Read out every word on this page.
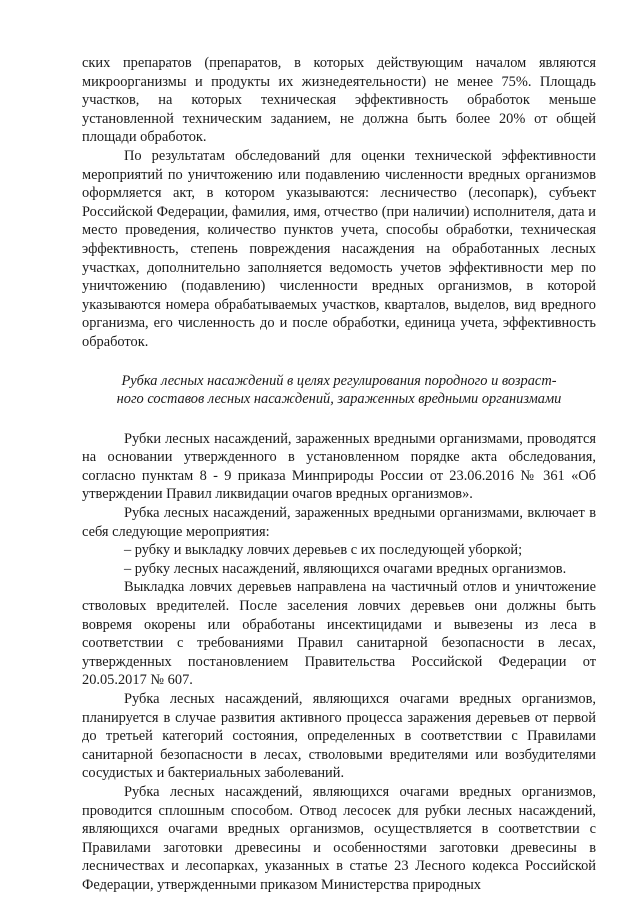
ских препаратов (препаратов, в которых действующим началом являются микроорганизмы и продукты их жизнедеятельности) не менее 75%. Площадь участков, на которых техническая эффективность обработок меньше установленной техническим заданием, не должна быть более 20% от общей площади обработок.

По результатам обследований для оценки технической эффективности мероприятий по уничтожению или подавлению численности вредных организмов оформляется акт, в котором указываются: лесничество (лесопарк), субъект Российской Федерации, фамилия, имя, отчество (при наличии) исполнителя, дата и место проведения, количество пунктов учета, способы обработки, техническая эффективность, степень повреждения насаждения на обработанных лесных участках, дополнительно заполняется ведомость учетов эффективности мер по уничтожению (подавлению) численности вредных организмов, в которой указываются номера обрабатываемых участков, кварталов, выделов, вид вредного организма, его численность до и после обработки, единица учета, эффективность обработок.

Рубка лесных насаждений в целях регулирования породного и возраст-
ного составов лесных насаждений, зараженных вредными организмами

Рубки лесных насаждений, зараженных вредными организмами, проводятся на основании утвержденного в установленном порядке акта обследования, согласно пунктам 8 - 9 приказа Минприроды России от 23.06.2016 № 361 «Об утверждении Правил ликвидации очагов вредных организмов».

Рубка лесных насаждений, зараженных вредными организмами, включает в себя следующие мероприятия:

– рубку и выкладку ловчих деревьев с их последующей уборкой;

– рубку лесных насаждений, являющихся очагами вредных организмов.

Выкладка ловчих деревьев направлена на частичный отлов и уничтожение стволовых вредителей. После заселения ловчих деревьев они должны быть вовремя окорены или обработаны инсектицидами и вывезены из леса в соответствии с требованиями Правил санитарной безопасности в лесах, утвержденных постановлением Правительства Российской Федерации от 20.05.2017 № 607.

Рубка лесных насаждений, являющихся очагами вредных организмов, планируется в случае развития активного процесса заражения деревьев от первой до третьей категорий состояния, определенных в соответствии с Правилами санитарной безопасности в лесах, стволовыми вредителями или возбудителями сосудистых и бактериальных заболеваний.

Рубка лесных насаждений, являющихся очагами вредных организмов, проводится сплошным способом. Отвод лесосек для рубки лесных насаждений, являющихся очагами вредных организмов, осуществляется в соответствии с Правилами заготовки древесины и особенностями заготовки древесины в лесничествах и лесопарках, указанных в статье 23 Лесного кодекса Российской Федерации, утвержденными приказом Министерства природных
